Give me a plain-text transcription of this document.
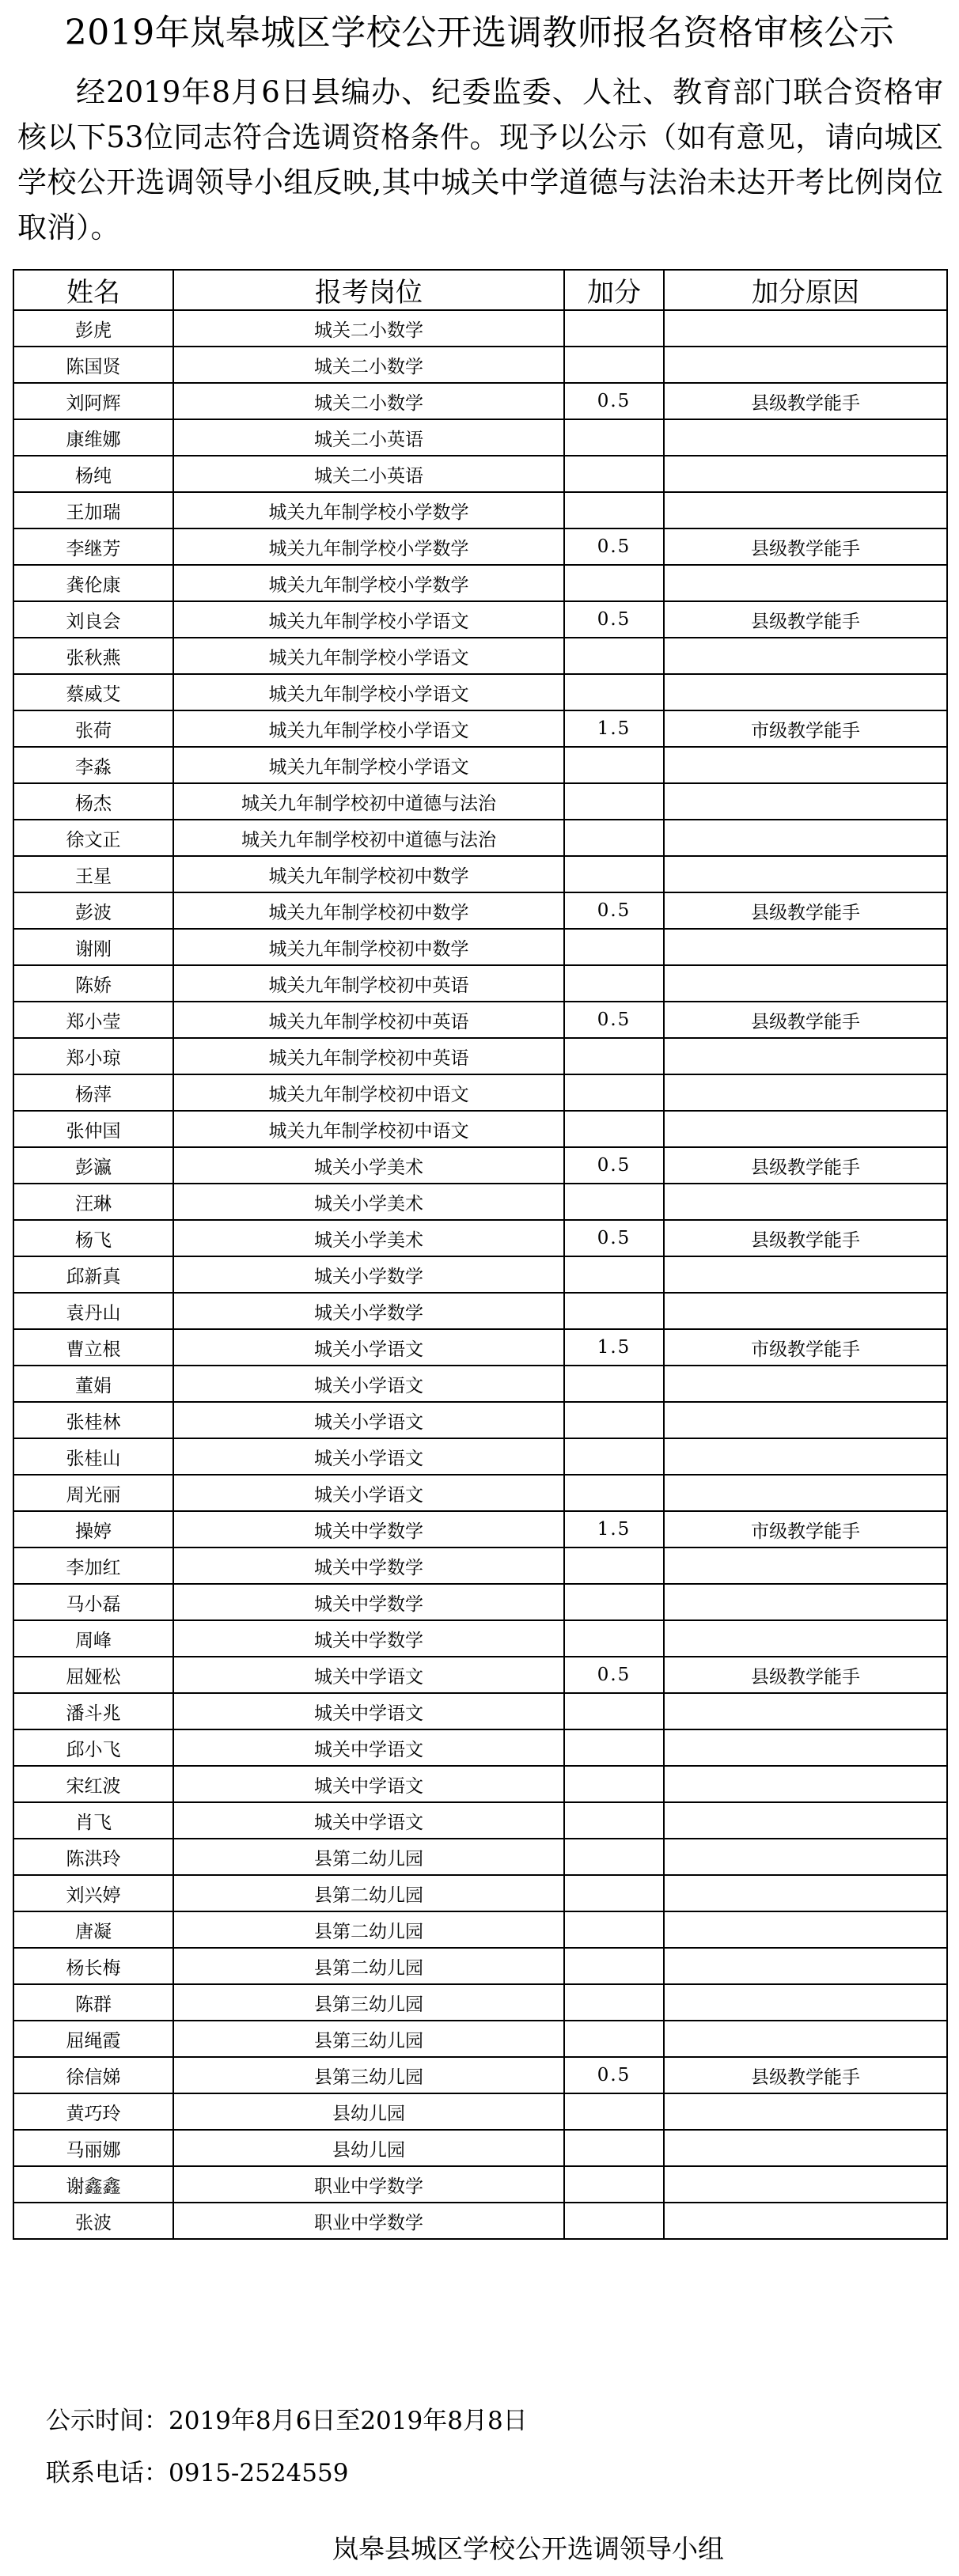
2019年岚皋城区学校公开选调教师报名资格审核公示
经2019年8月6日县编办、纪委监委、人社、教育部门联合资格审核以下53位同志符合选调资格条件。现予以公示（如有意见，请向城区学校公开选调领导小组反映,其中城关中学道德与法治未达开考比例岗位取消）。
姓名	报考岗位	加分	加分原因
彭虎	城关二小数学		
陈国贤	城关二小数学		
刘阿辉	城关二小数学	0.5	县级教学能手
康维娜	城关二小英语		
杨纯	城关二小英语		
王加瑞	城关九年制学校小学数学		
李继芳	城关九年制学校小学数学	0.5	县级教学能手
龚伦康	城关九年制学校小学数学		
刘良会	城关九年制学校小学语文	0.5	县级教学能手
张秋燕	城关九年制学校小学语文		
蔡威艾	城关九年制学校小学语文		
张荷	城关九年制学校小学语文	1.5	市级教学能手
李淼	城关九年制学校小学语文		
杨杰	城关九年制学校初中道德与法治		
徐文正	城关九年制学校初中道德与法治		
王星	城关九年制学校初中数学		
彭波	城关九年制学校初中数学	0.5	县级教学能手
谢刚	城关九年制学校初中数学		
陈娇	城关九年制学校初中英语		
郑小莹	城关九年制学校初中英语	0.5	县级教学能手
郑小琼	城关九年制学校初中英语		
杨萍	城关九年制学校初中语文		
张仲国	城关九年制学校初中语文		
彭瀛	城关小学美术	0.5	县级教学能手
汪琳	城关小学美术		
杨飞	城关小学美术	0.5	县级教学能手
邱新真	城关小学数学		
袁丹山	城关小学数学		
曹立根	城关小学语文	1.5	市级教学能手
董娟	城关小学语文		
张桂林	城关小学语文		
张桂山	城关小学语文		
周光丽	城关小学语文		
操婷	城关中学数学	1.5	市级教学能手
李加红	城关中学数学		
马小磊	城关中学数学		
周峰	城关中学数学		
屈娅松	城关中学语文	0.5	县级教学能手
潘斗兆	城关中学语文		
邱小飞	城关中学语文		
宋红波	城关中学语文		
肖飞	城关中学语文		
陈洪玲	县第二幼儿园		
刘兴婷	县第二幼儿园		
唐凝	县第二幼儿园		
杨长梅	县第二幼儿园		
陈群	县第三幼儿园		
屈绳霞	县第三幼儿园		
徐信娣	县第三幼儿园	0.5	县级教学能手
黄巧玲	县幼儿园		
马丽娜	县幼儿园		
谢鑫鑫	职业中学数学		
张波	职业中学数学		
公示时间：2019年8月6日至2019年8月8日
联系电话：0915-2524559
岚皋县城区学校公开选调领导小组
